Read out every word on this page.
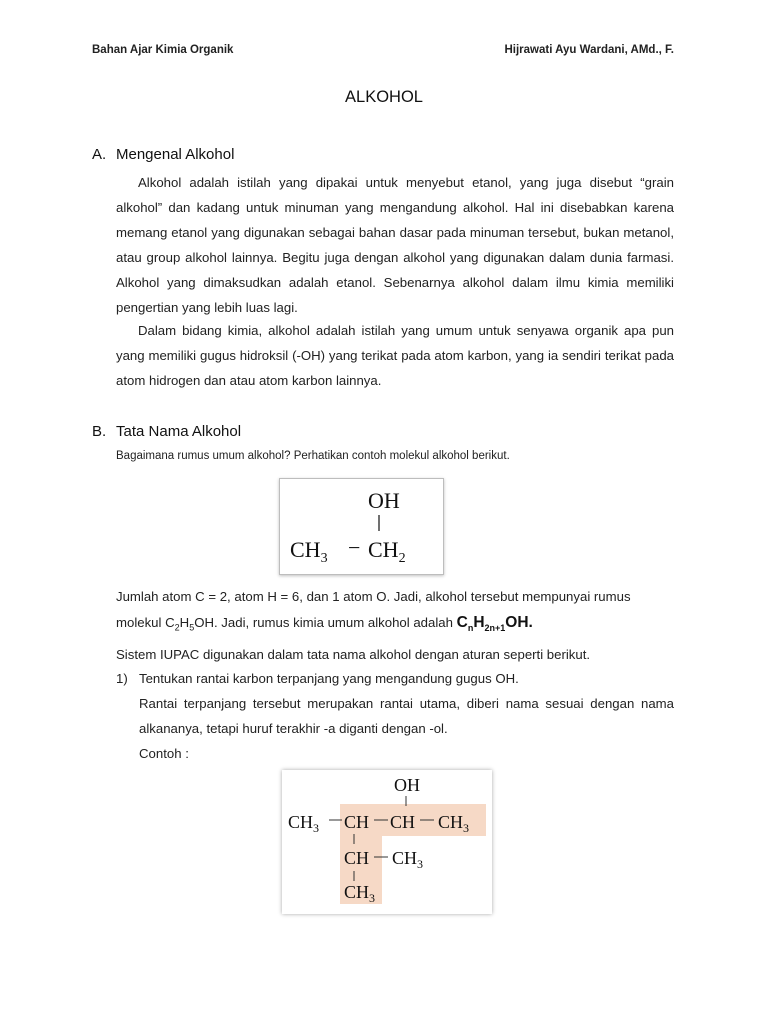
Bahan Ajar Kimia Organik	Hijrawati Ayu Wardani, AMd., F.
ALKOHOL
A. Mengenal Alkohol

Alkohol adalah istilah yang dipakai untuk menyebut etanol, yang juga disebut “grain alkohol” dan kadang untuk minuman yang mengandung alkohol. Hal ini disebabkan karena memang etanol yang digunakan sebagai bahan dasar pada minuman tersebut, bukan metanol, atau group alkohol lainnya. Begitu juga dengan alkohol yang digunakan dalam dunia farmasi. Alkohol yang dimaksudkan adalah etanol. Sebenarnya alkohol dalam ilmu kimia memiliki pengertian yang lebih luas lagi.

Dalam bidang kimia, alkohol adalah istilah yang umum untuk senyawa organik apa pun yang memiliki gugus hidroksil (-OH) yang terikat pada atom karbon, yang ia sendiri terikat pada atom hidrogen dan atau atom karbon lainnya.

B. Tata Nama Alkohol
Bagaimana rumus umum alkohol? Perhatikan contoh molekul alkohol berikut.
OH
$CH_3 - CH_2$
Jumlah atom C = 2, atom H = 6, dan 1 atom O. Jadi, alkohol tersebut mempunyai rumus
molekul $C_2H_5OH$. Jadi, rumus kimia umum alkohol adalah $C_nH_{2n+1}OH$.
Sistem IUPAC digunakan dalam tata nama alkohol dengan aturan seperti berikut.
1) Tentukan rantai karbon terpanjang yang mengandung gugus OH.

Rantai terpanjang tersebut merupakan rantai utama, diberi nama sesuai dengan nama alkananya, tetapi huruf terakhir -a diganti dengan -ol.

Contoh :
OH
$CH_3$ CH CH $CH_3$
CH $CH_3$
$CH_3$
